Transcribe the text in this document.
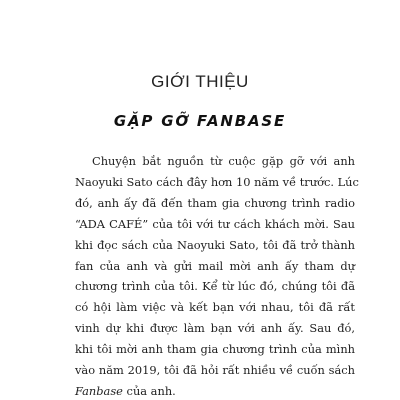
GIỚI THIỆU
GẶP GỠ FANBASE
Chuyện bắt nguồn từ cuộc gặp gỡ với anh
Naoyuki Sato cách đây hơn 10 năm về trước. Lúc
đó, anh ấy đã đến tham gia chương trình radio
“ADA CAFÉ” của tôi với tư cách khách mời. Sau
khi đọc sách của Naoyuki Sato, tôi đã trở thành
fan của anh và gửi mail mời anh ấy tham dự
chương trình của tôi. Kể từ lúc đó, chúng tôi đã
có hội làm việc và kết bạn với nhau, tôi đã rất
vinh dự khi được làm bạn với anh ấy. Sau đó,
khi tôi mời anh tham gia chương trình của mình
vào năm 2019, tôi đã hỏi rất nhiều về cuốn sách
Fanbase của anh.
